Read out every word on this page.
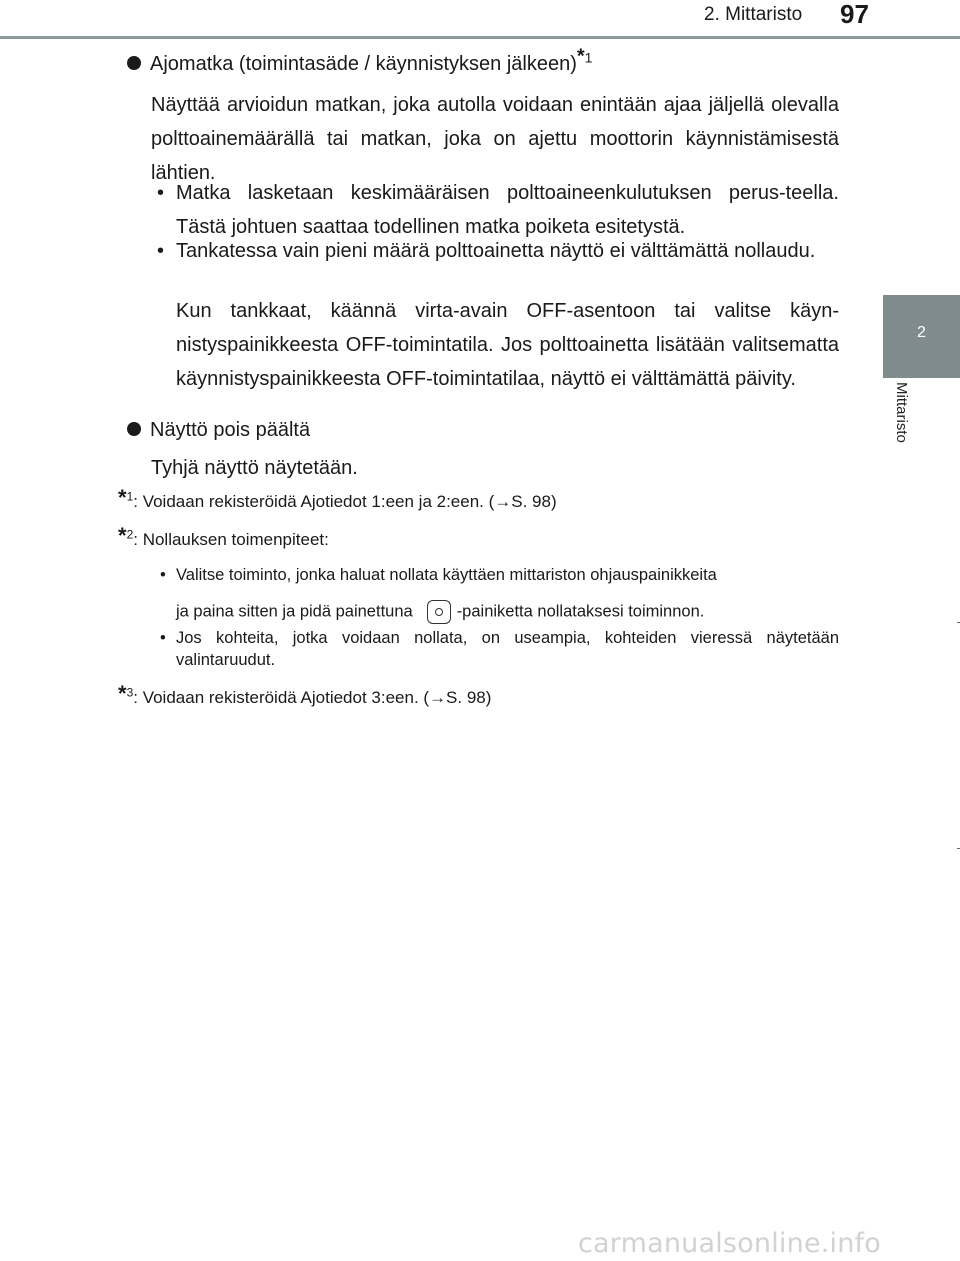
2. Mittaristo 97
2
Mittaristo
Ajomatka (toimintasäde / käynnistyksen jälkeen)*$^1$
Näyttää arvioidun matkan, joka autolla voidaan enintään ajaa jäljellä olevalla polttoainemäärällä tai matkan, joka on ajettu moottorin käynnistämisestä lähtien.
• Matka lasketaan keskimääräisen polttoaineenkulutuksen perus-teella. Tästä johtuen saattaa todellinen matka poiketa esitetystä.
• Tankatessa vain pieni määrä polttoainetta näyttö ei välttämättä nollaudu.
Kun tankkaat, käännä virta-avain OFF-asentoon tai valitse käyn-nistyspainikkeesta OFF-toimintatila. Jos polttoainetta lisätään valitsematta käynnistyspainikkeesta OFF-toimintatilaa, näyttö ei välttämättä päivity.
Näyttö pois päältä
Tyhjä näyttö näytetään.
*$^1$: Voidaan rekisteröidä Ajotiedot 1:een ja 2:een. (→S. 98)
*$^2$: Nollauksen toimenpiteet:
• Valitse toiminto, jonka haluat nollata käyttäen mittariston ohjauspainikkeita
ja paina sitten ja pidä painettuna	-painiketta nollataksesi toiminnon.
• Jos kohteita, jotka voidaan nollata, on useampia, kohteiden vieressä näytetään valintaruudut.
*$^3$: Voidaan rekisteröidä Ajotiedot 3:een. (→S. 98)
carmanualsonline.info
